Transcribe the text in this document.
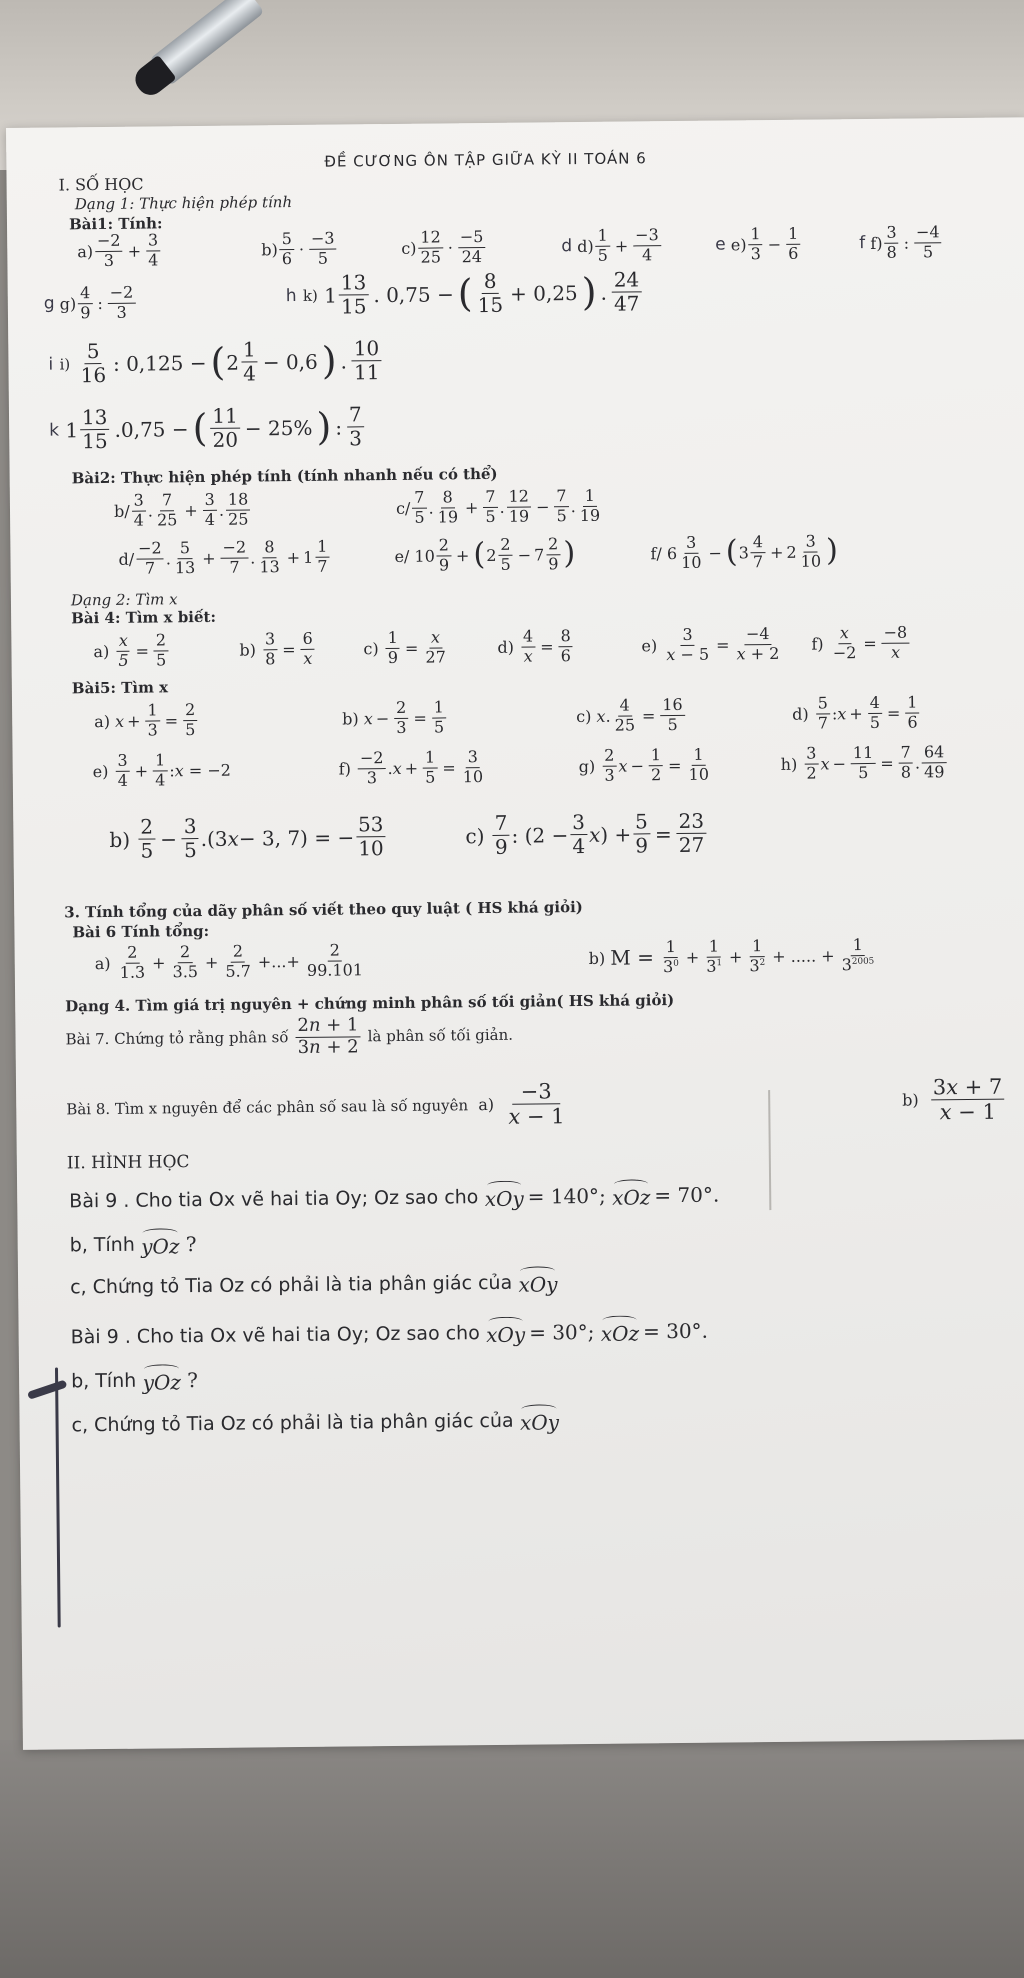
ĐỀ CƯƠNG ÔN TẬP GIỮA KỲ II TOÁN 6
I. SỐ HỌC
Dạng 1: Thực hiện phép tính
Bài1: Tính:
a)
−2
$3 + \frac{3}{4}$	b)
5
6 ·
−3
5
c)
12
25 ·
−5
24	d
d)
1
$5 + \frac{-3}{4}$	e
e)
1
$3 - \frac{1}{6}$	f
f)
3
8 :
−4
5
g
g)
4
9 :
−2
3
h
k) 1
13
15 . 0,75 − ( 8
15 + 0,25 ) .
24
47
i
i)

5
16 : 0,125 − ( 2
1
4 − 0,6 ) .
10
11
k 1
13
15 .0,75 − ( 11
20 − 25% ) :
7
3
Bài2: Thực hiện phép tính (tính nhanh nếu có thể)
b/
3
4 .
7
$25 + \frac{3}{4}$ .
18
25
c/
7
5 .
8
$19 + \frac{7}{5}$ .
12
$19 - \frac{7}{5}$ .
1
19
d/
−2
7 .
5
$13 + \frac{-2}{7}$ .
8
$13 + 1 \frac{1}{7}$	e/ 10
2
9 + ( 2
2
$5 - 7 \frac{2}{9}$ )	f/ 6
3
10 − ( 3
4
$7 + 2 \frac{3}{10}$ )
Dạng 2: Tìm x
Bài 4: Tìm x biết:
a)
$\frac{x}{5} = \frac{2}{5}$	b)
$\frac{3}{8} = \frac{6}{x}$	c)
$\frac{1}{9} = \frac{x}{27}$	d)
$\frac{4}{x} = \frac{8}{6}$	e)
$\frac{3}{x - 5} = \frac{-4}{x + 2} f$)
$\frac{x}{-2} = \frac{-8}{x}$
Bài5: Tìm x
a)
$x + \frac{1}{3} = \frac{2}{5}$	b)
$x - \frac{2}{3} = \frac{1}{5}$	c)
x . $\frac{4}{25} = \frac{16}{5}$	d)

5
7 : $x + \frac{4}{5} = \frac{1}{6}$
e)

3
$4 + \frac{1}{4}$ : x = −2	f)

−2
3 . $x + \frac{1}{5} = \frac{3}{10}$	g)

2
3 $x - \frac{1}{2} = \frac{1}{10}$	h)

3
2 $x - \frac{11}{5} = \frac{7}{8}$ .
64
49
b)

2
$5 - \frac{3}{5} .(3$ x − 3, 7) = −
53
10
c)

7
9 : (2 −
3
4 x ) + $\frac{5}{9} = \frac{23}{27}$
3. Tính tổng của dãy phân số viết theo quy luật ( HS khá giỏi)
Bài 6 Tính tổng:
a)

2
$1.3 + \frac{2}{3.5} + \frac{2}{5.7}$ +...+ $\frac{2}{99.101}$	b)
M =
$\frac{1}{3^0} + \frac{1}{3^1} + \frac{1}{3^2}$ + ..... + $\frac{1}{3^{2005}}$
Dạng 4. Tìm giá trị nguyên + chứng minh phân số tối giản( HS khá giỏi)
Bài 7. Chứng tỏ rằng phân số

2n + 1
3n + 2

là phân số tối giản.
Bài 8. Tìm x nguyên để các phân số sau là số nguyên
a)

−3
x − 1
b)

3x + 7
x − 1
II. HÌNH HỌC
Bài 9 . Cho tia Ox vẽ hai tia Oy; Oz sao cho
xOy = 140° ; xOz = 70°.
b, Tính
yOz
?
c, Chứng tỏ Tia Oz có phải là tia phân giác của
xOy
Bài 9 . Cho tia Ox vẽ hai tia Oy; Oz sao cho
xOy = 30° ; xOz = 30°.
b, Tính
yOz
?
c, Chứng tỏ Tia Oz có phải là tia phân giác của
xOy
